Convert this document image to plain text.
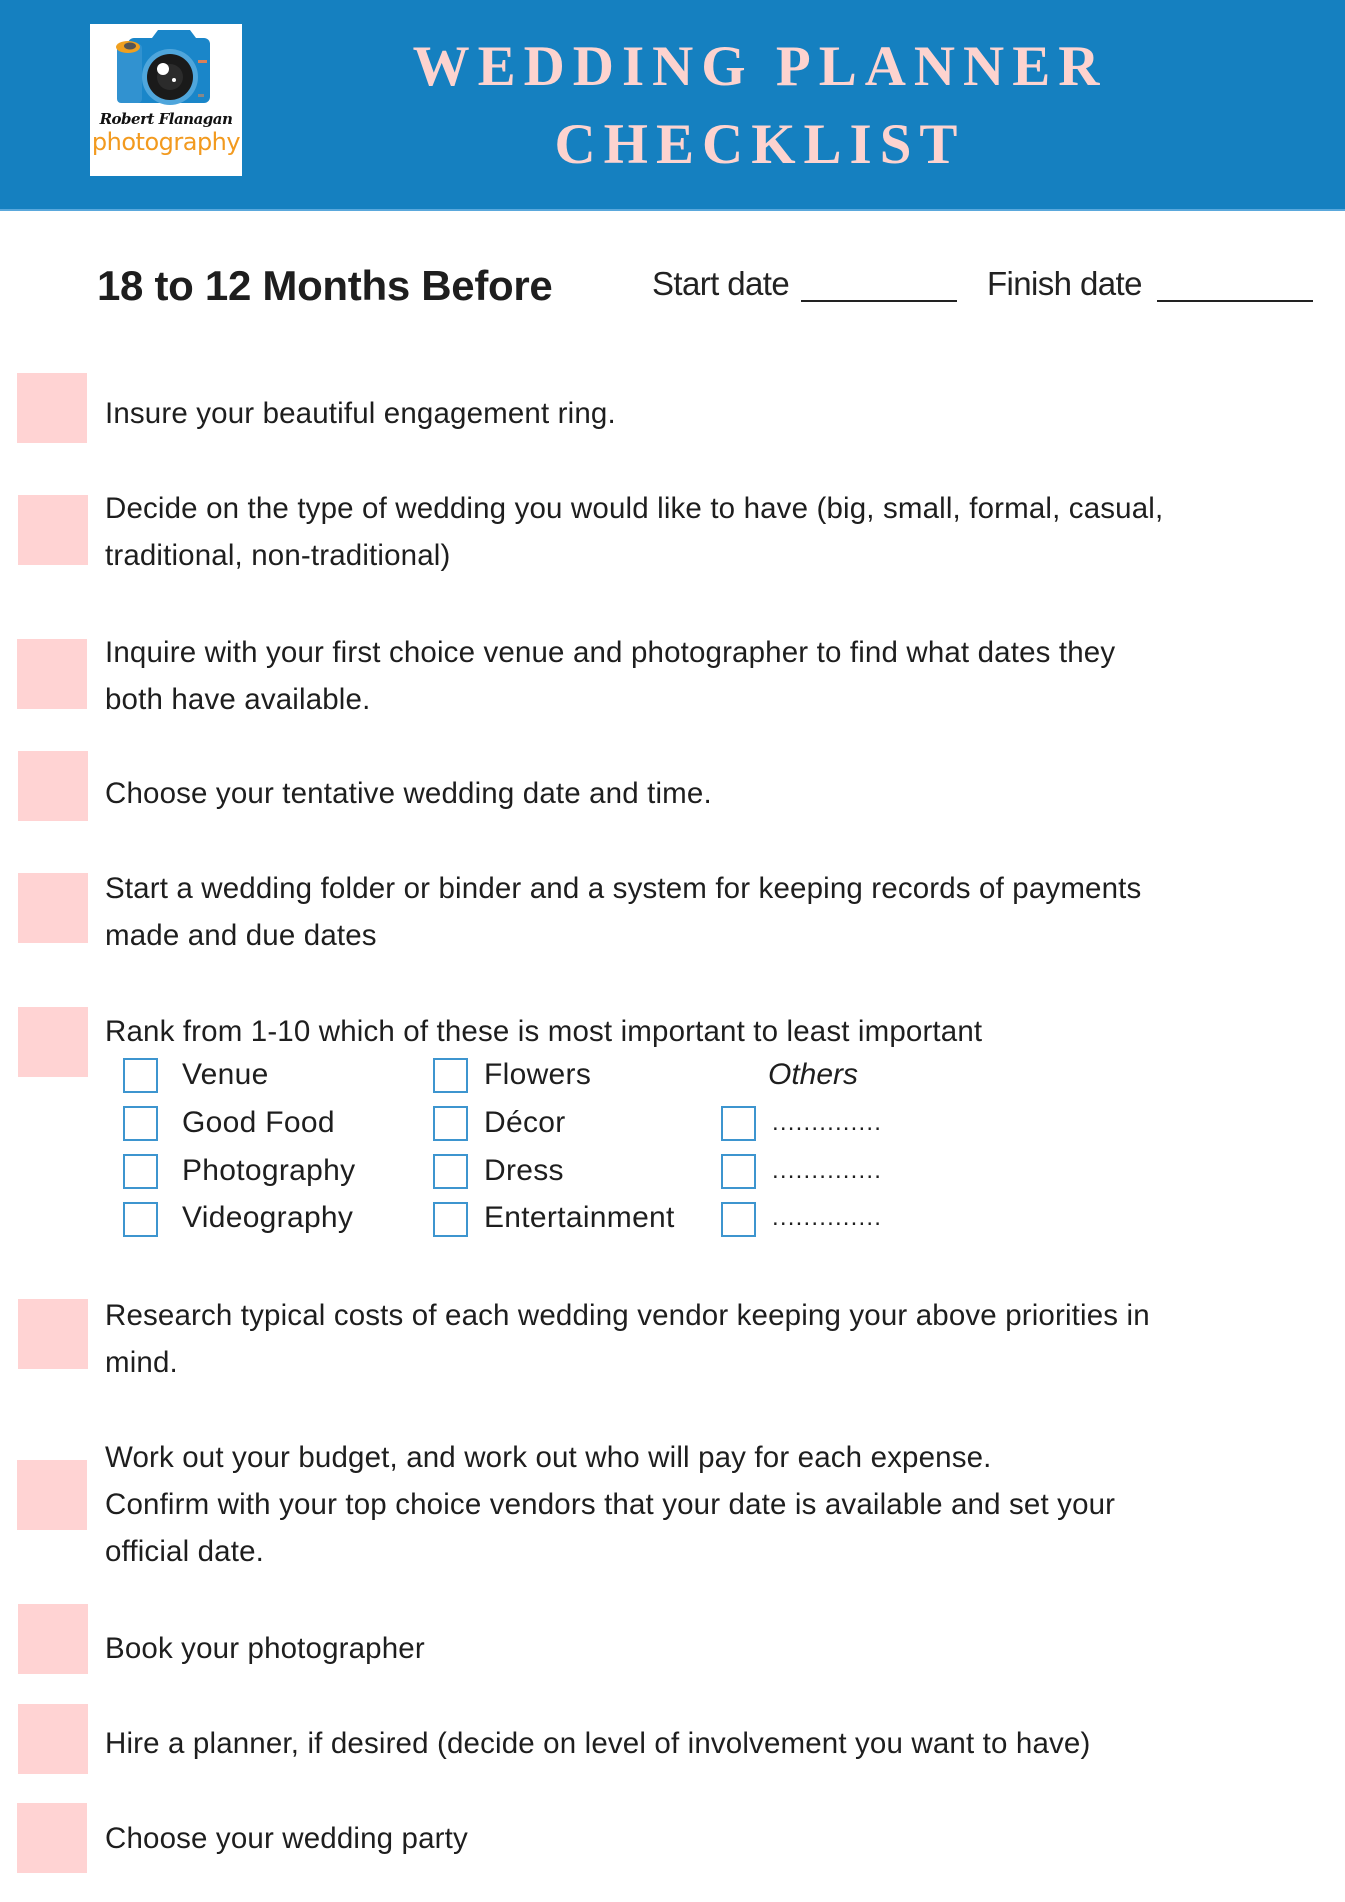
Robert Flanagan
photography
WEDDING PLANNER
CHECKLIST
18 to 12 Months Before	Start date	Finish date
Insure your beautiful engagement ring.
Decide on the type of wedding you would like to have (big, small, formal, casual,
traditional, non-traditional)
Inquire with your first choice venue and photographer to find what dates they
both have available.
Choose your tentative wedding date and time.
Start a wedding folder or binder and a system for keeping records of payments
made and due dates
Rank from 1-10 which of these is most important to least important
Research typical costs of each wedding vendor keeping your above priorities in
mind.
Work out your budget, and work out who will pay for each expense.
Confirm with your top choice vendors that your date is available and set your
official date.
Book your photographer
Hire a planner, if desired (decide on level of involvement you want to have)
Choose your wedding party
Venue
Good Food
Photography
Videography
Flowers
Décor
Dress
Entertainment
Others
..............
..............
..............
